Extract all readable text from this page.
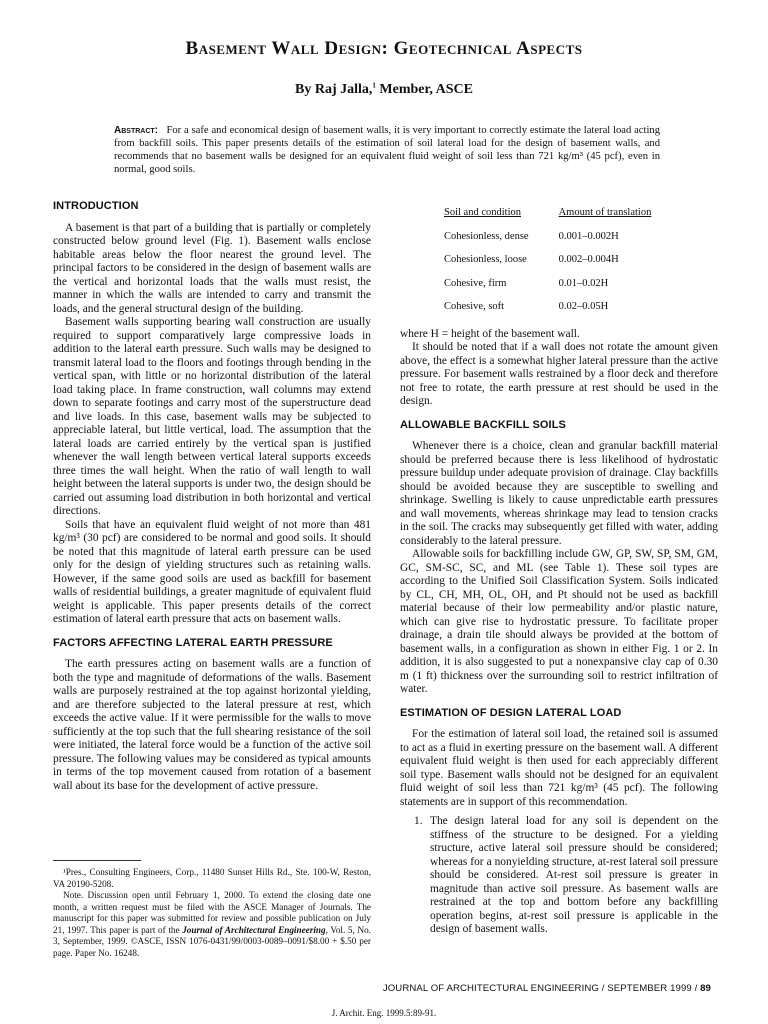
Basement Wall Design: Geotechnical Aspects
By Raj Jalla,$^1$ Member, ASCE
Abstract: For a safe and economical design of basement walls, it is very important to correctly estimate the lateral load acting from backfill soils. This paper presents details of the estimation of soil lateral load for the design of basement walls, and recommends that no basement walls be designed for an equivalent fluid weight of soil less than 721 kg/m³ (45 pcf), even in normal, good soils.
INTRODUCTION

A basement is that part of a building that is partially or completely constructed below ground level (Fig. 1). Basement walls enclose habitable areas below the floor nearest the ground level. The principal factors to be considered in the design of basement walls are the vertical and horizontal loads that the walls must resist, the manner in which the walls are intended to carry and transmit the loads, and the general structural design of the building.

Basement walls supporting bearing wall construction are usually required to support comparatively large compressive loads in addition to the lateral earth pressure. Such walls may be designed to transmit lateral load to the floors and footings through bending in the vertical span, with little or no horizontal distribution of the lateral load taking place. In frame construction, wall columns may extend down to separate footings and carry most of the superstructure dead and live loads. In this case, basement walls may be subjected to appreciable lateral, but little vertical, load. The assumption that the lateral loads are carried entirely by the vertical span is justified whenever the wall length between vertical lateral supports exceeds three times the wall height. When the ratio of wall length to wall height between the lateral supports is under two, the design should be carried out assuming load distribution in both horizontal and vertical directions.

Soils that have an equivalent fluid weight of not more than 481 kg/m³ (30 pcf) are considered to be normal and good soils. It should be noted that this magnitude of lateral earth pressure can be used only for the design of yielding structures such as retaining walls. However, if the same good soils are used as backfill for basement walls of residential buildings, a greater magnitude of equivalent fluid weight is applicable. This paper presents details of the correct estimation of lateral earth pressure that acts on basement walls.

FACTORS AFFECTING LATERAL EARTH PRESSURE

The earth pressures acting on basement walls are a function of both the type and magnitude of deformations of the walls. Basement walls are purposely restrained at the top against horizontal yielding, and are therefore subjected to the lateral pressure at rest, which exceeds the active value. If it were permissible for the walls to move sufficiently at the top such that the full shearing resistance of the soil were initiated, the lateral force would be a function of the active soil pressure. The following values may be considered as typical amounts in terms of the top movement caused from rotation of a basement wall about its base for the development of active pressure.

Soil and condition	Amount of translation
Cohesionless, dense	0.001–0.002H
Cohesionless, loose	0.002–0.004H
Cohesive, firm	0.01–0.02H
Cohesive, soft	0.02–0.05H
where H = height of the basement wall.

It should be noted that if a wall does not rotate the amount given above, the effect is a somewhat higher lateral pressure than the active pressure. For basement walls restrained by a floor deck and therefore not free to rotate, the earth pressure at rest should be used in the design.

ALLOWABLE BACKFILL SOILS

Whenever there is a choice, clean and granular backfill material should be preferred because there is less likelihood of hydrostatic pressure buildup under adequate provision of drainage. Clay backfills should be avoided because they are susceptible to swelling and shrinkage. Swelling is likely to cause unpredictable earth pressures and wall movements, whereas shrinkage may lead to tension cracks in the soil. The cracks may subsequently get filled with water, adding considerably to the lateral pressure.

Allowable soils for backfilling include GW, GP, SW, SP, SM, GM, GC, SM-SC, SC, and ML (see Table 1). These soil types are according to the Unified Soil Classification System. Soils indicated by CL, CH, MH, OL, OH, and Pt should not be used as backfill material because of their low permeability and/or plastic nature, which can give rise to hydrostatic pressure. To facilitate proper drainage, a drain tile should always be provided at the bottom of basement walls, in a configuration as shown in either Fig. 1 or 2. In addition, it is also suggested to put a nonexpansive clay cap of 0.30 m (1 ft) thickness over the surrounding soil to restrict infiltration of water.

ESTIMATION OF DESIGN LATERAL LOAD

For the estimation of lateral soil load, the retained soil is assumed to act as a fluid in exerting pressure on the basement wall. A different equivalent fluid weight is then used for each appreciably different soil type. Basement walls should not be designed for an equivalent fluid weight of soil less than 721 kg/m³ (45 pcf). The following statements are in support of this recommendation.

1. The design lateral load for any soil is dependent on the stiffness of the structure to be designed. For a yielding structure, active lateral soil pressure should be considered; whereas for a nonyielding structure, at-rest lateral soil pressure should be considered. At-rest soil pressure is greater in magnitude than active soil pressure. As basement walls are restrained at the top and bottom before any backfilling operation begins, at-rest soil pressure is applicable in the design of basement walls.

¹Pres., Consulting Engineers, Corp., 11480 Sunset Hills Rd., Ste. 100-W, Reston, VA 20190-5208.

Note. Discussion open until February 1, 2000. To extend the closing date one month, a written request must be filed with the ASCE Manager of Journals. The manuscript for this paper was submitted for review and possible publication on July 21, 1997. This paper is part of the Journal of Architectural Engineering, Vol. 5, No. 3, September, 1999. ©ASCE, ISSN 1076-0431/99/0003-0089–0091/$8.00 + $.50 per page. Paper No. 16248.

JOURNAL OF ARCHITECTURAL ENGINEERING / SEPTEMBER 1999 / 89
J. Archit. Eng. 1999.5:89-91.
